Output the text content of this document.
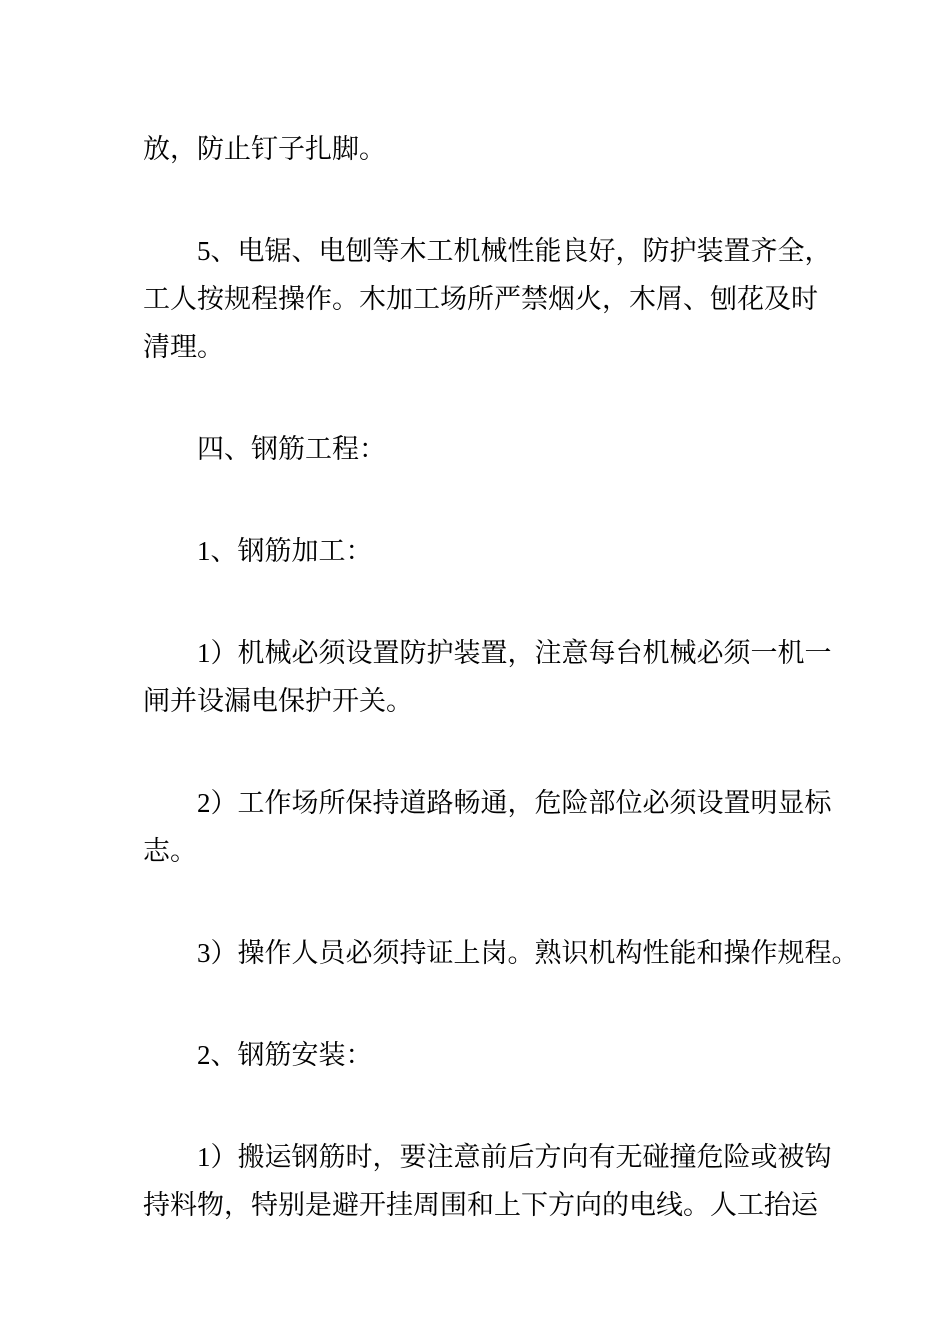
放，防止钉子扎脚。
5、电锯、电刨等木工机械性能良好，防护装置齐全，
工人按规程操作。木加工场所严禁烟火，木屑、刨花及时
清理。
四、钢筋工程：
1、钢筋加工：
1）机械必须设置防护装置，注意每台机械必须一机一
闸并设漏电保护开关。
2）工作场所保持道路畅通，危险部位必须设置明显标
志。
3）操作人员必须持证上岗。熟识机构性能和操作规程。
2、钢筋安装：
1）搬运钢筋时，要注意前后方向有无碰撞危险或被钩
持料物，特别是避开挂周围和上下方向的电线。人工抬运
